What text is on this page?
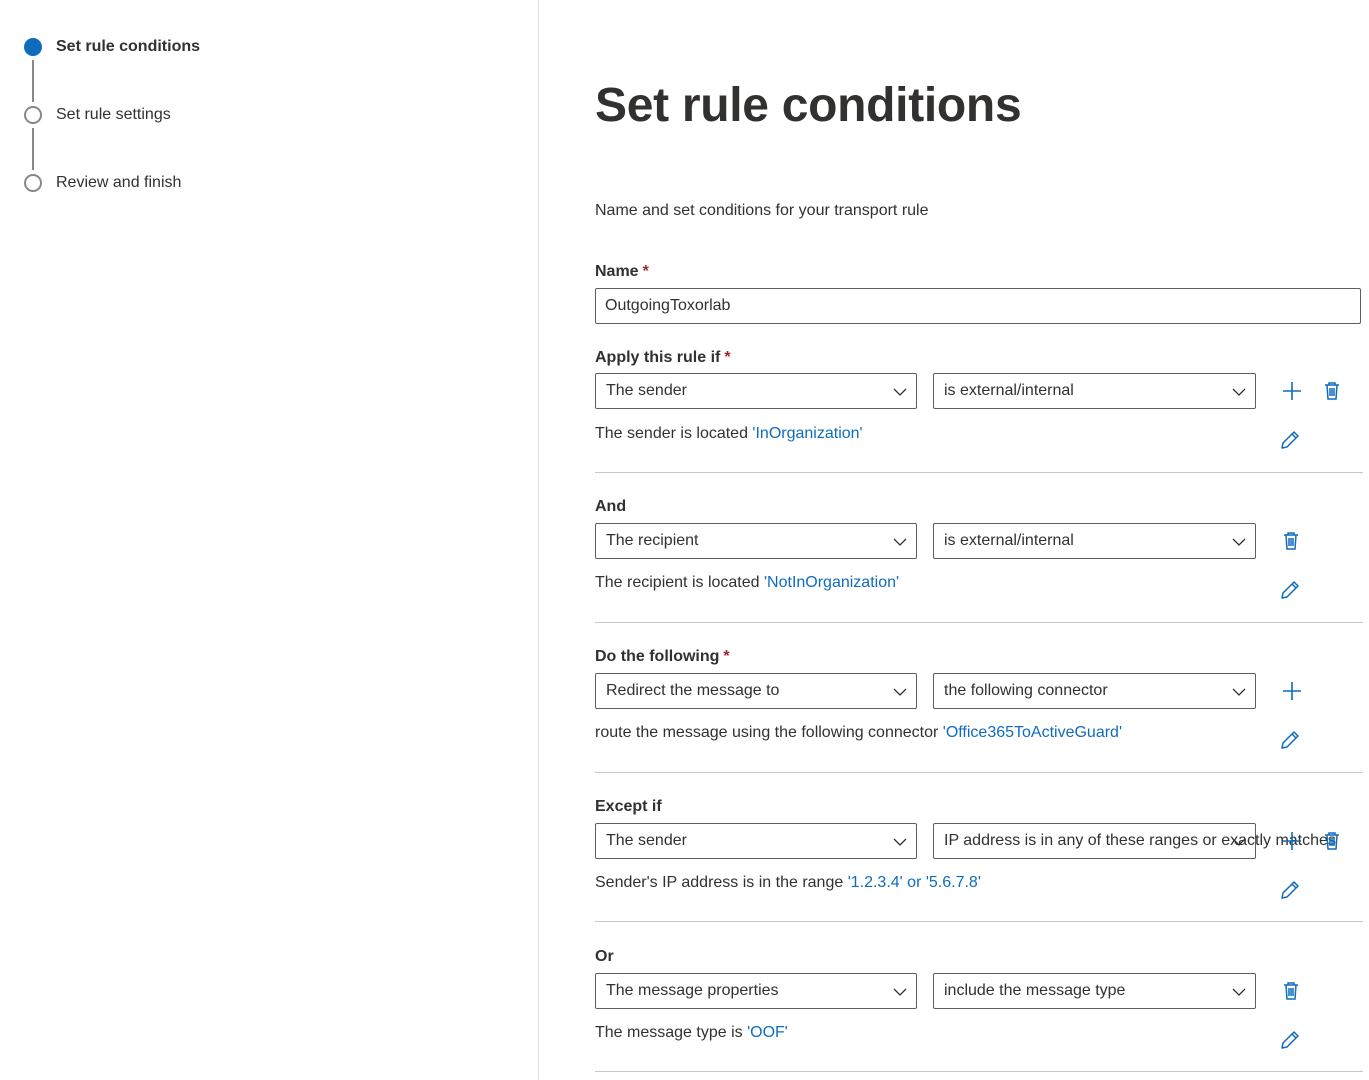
Set rule conditions
Set rule settings
Review and finish
Set rule conditions
Name and set conditions for your transport rule
Name *
OutgoingToxorlab
Apply this rule if *
The sender	is external/internal
The sender is located 'InOrganization'
And
The recipient	is external/internal
The recipient is located 'NotInOrganization'
Do the following *
Redirect the message to	the following connector
route the message using the following connector 'Office365ToActiveGuard'
Except if
The sender	IP address is in any of these ranges or exactly matches
Sender's IP address is in the range '1.2.3.4' or '5.6.7.8'
Or
The message properties	include the message type
The message type is 'OOF'
